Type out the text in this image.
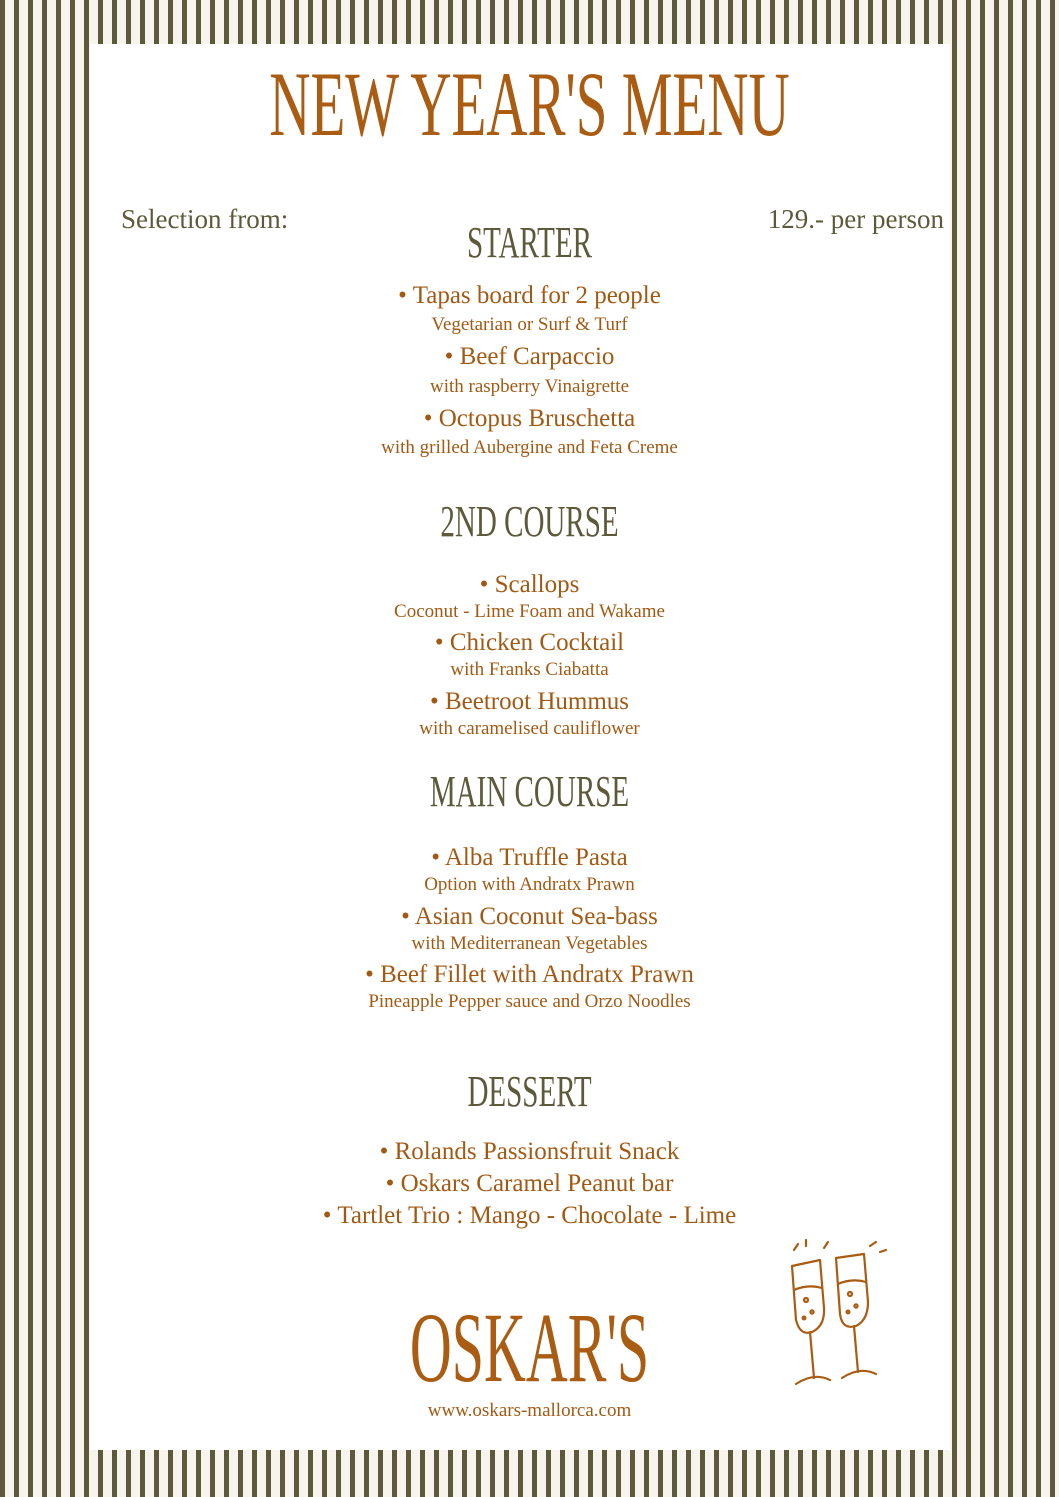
NEW YEAR'S MENU
Selection from:	129.- per person
STARTER
• Tapas board for 2 people
Vegetarian or Surf & Turf
• Beef Carpaccio
with raspberry Vinaigrette
• Octopus Bruschetta
with grilled Aubergine and Feta Creme
2ND COURSE
• Scallops
Coconut - Lime Foam and Wakame
• Chicken Cocktail
with Franks Ciabatta
• Beetroot Hummus
with caramelised cauliflower
MAIN COURSE
• Alba Truffle Pasta
Option with Andratx Prawn
• Asian Coconut Sea-bass
with Mediterranean Vegetables
• Beef Fillet with Andratx Prawn
Pineapple Pepper sauce and Orzo Noodles
DESSERT
• Rolands Passionsfruit Snack
• Oskars Caramel Peanut bar
• Tartlet Trio : Mango - Chocolate - Lime
OSKAR'S
www.oskars-mallorca.com
